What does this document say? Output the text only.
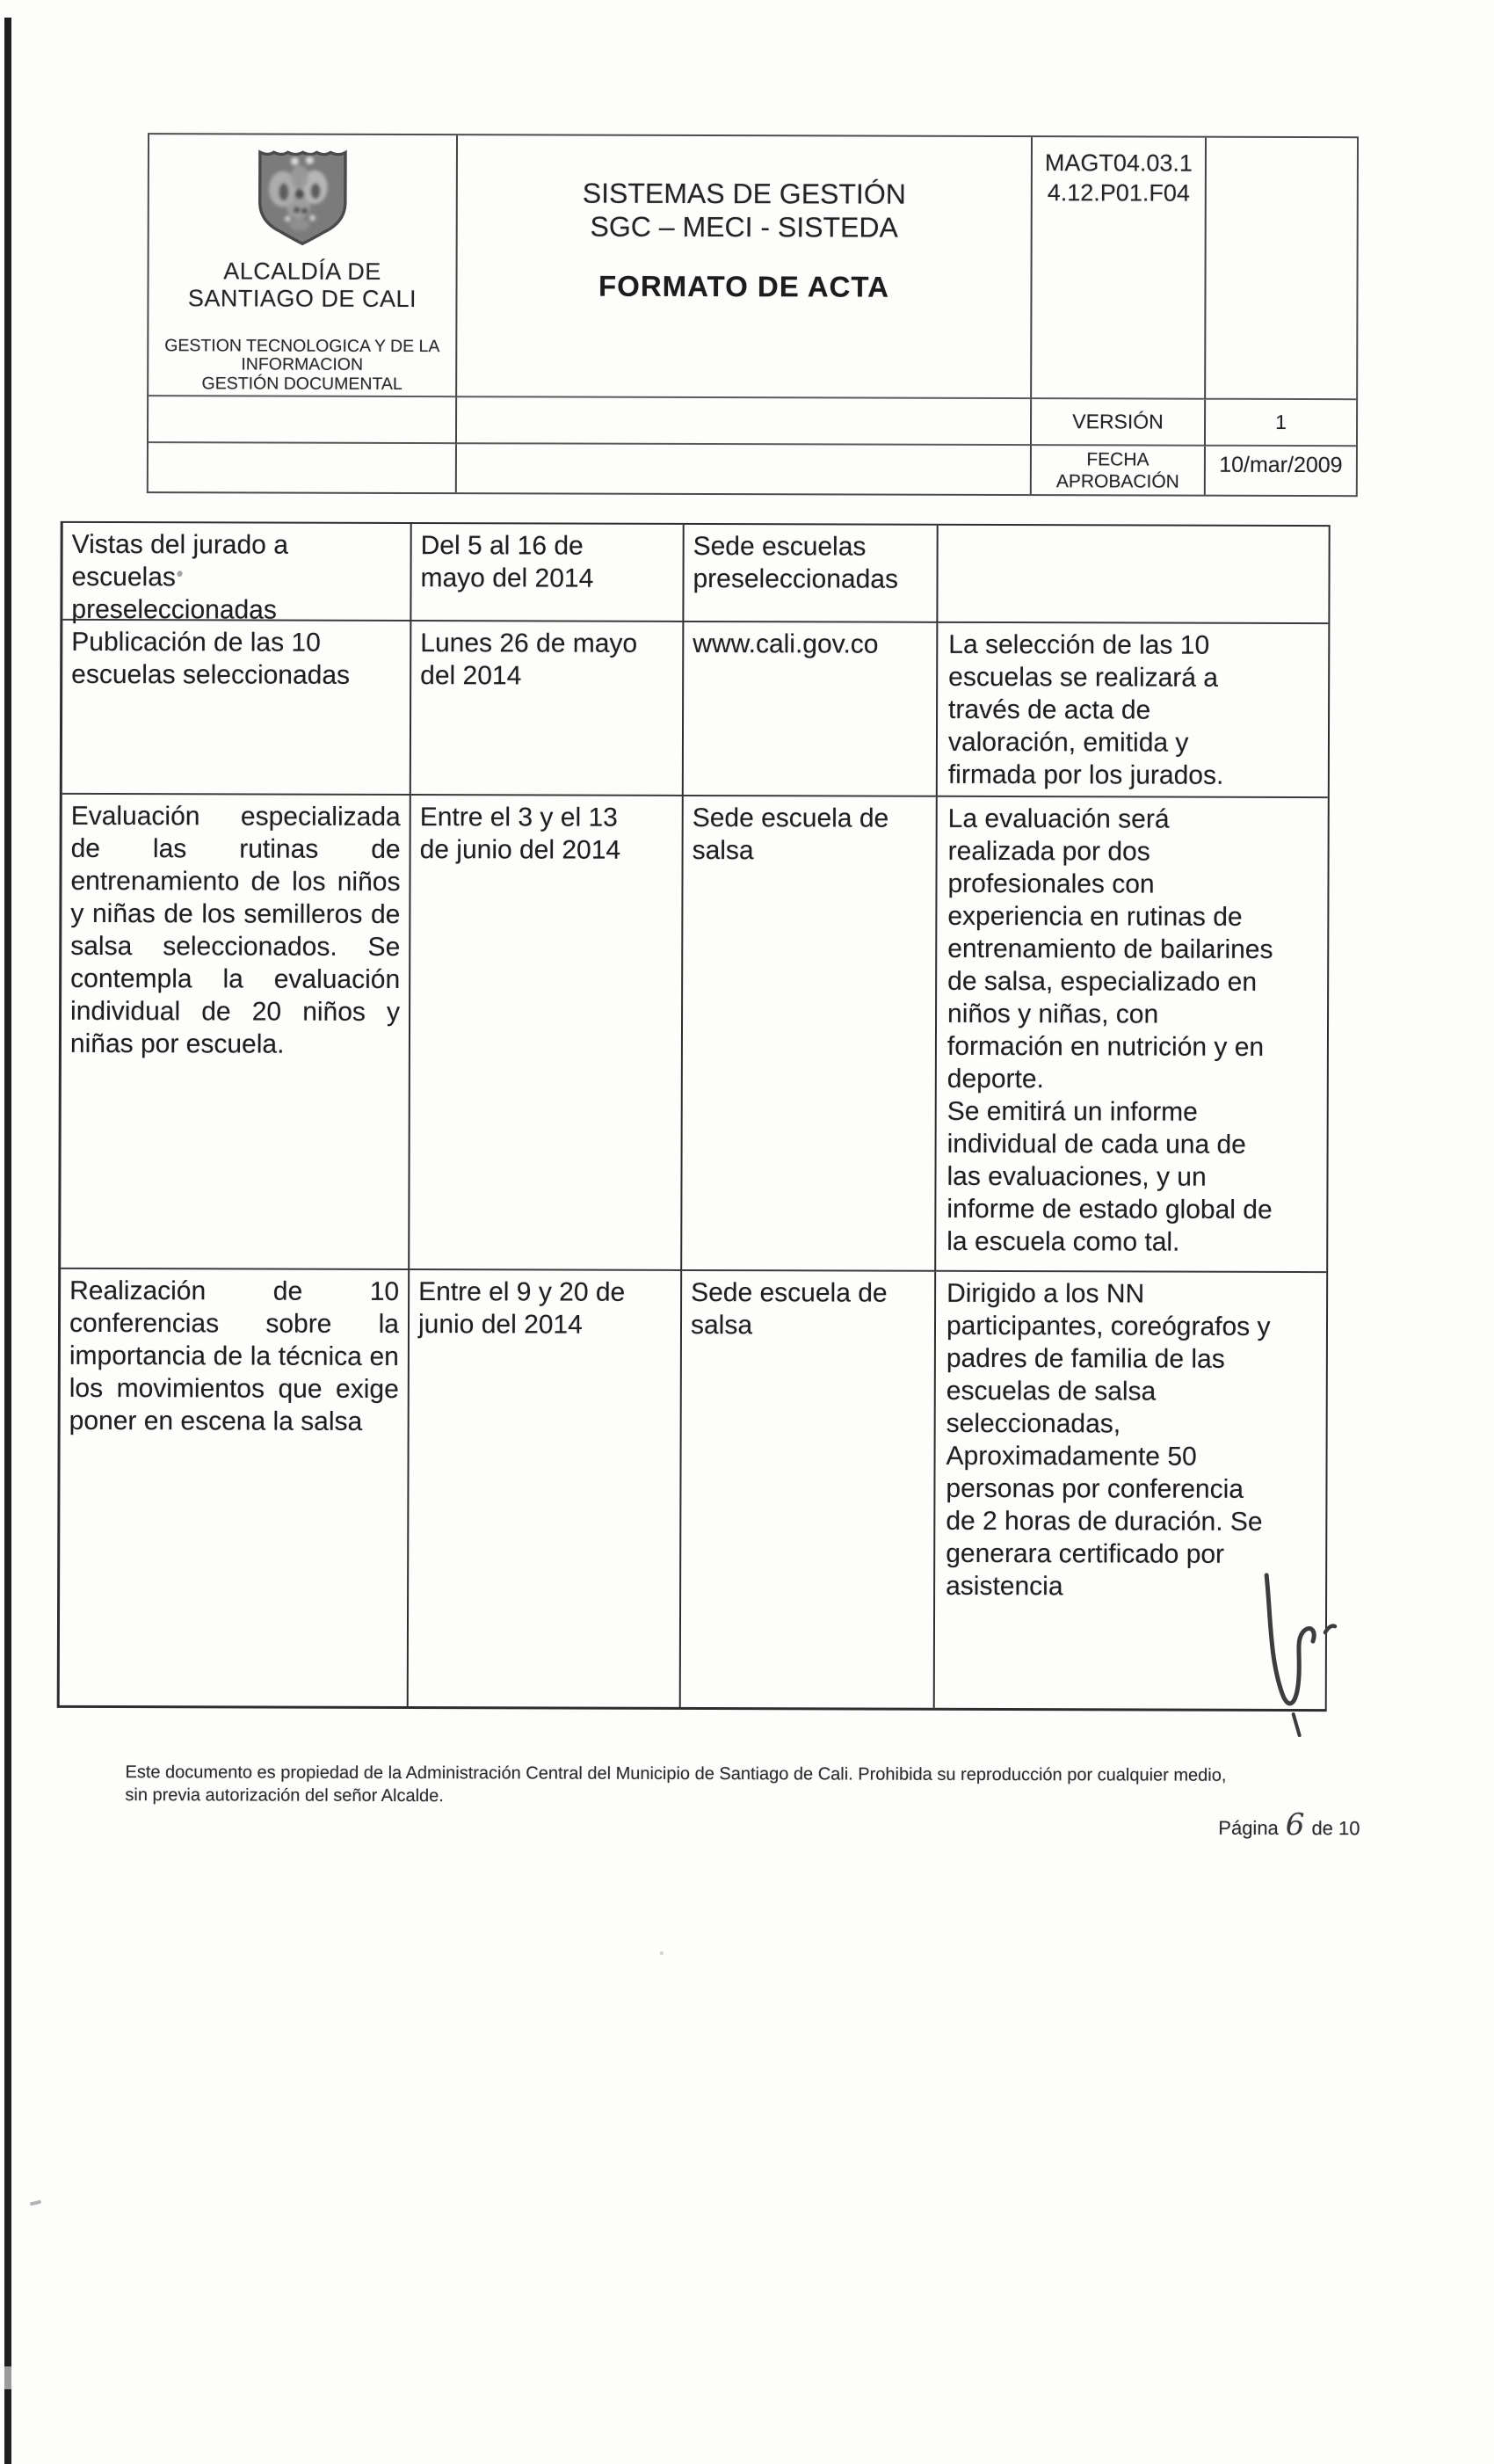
ALCALDÍA DE
SANTIAGO DE CALI
GESTION TECNOLOGICA Y DE LA
INFORMACION
GESTIÓN DOCUMENTAL
SISTEMAS DE GESTIÓN
SGC – MECI - SISTEDA
FORMATO DE ACTA
MAGT04.03.1
4.12.P01.F04
VERSIÓN	1
FECHA
APROBACIÓN
10/mar/2009
Vistas del jurado a
escuelas
preseleccionadas
Del 5 al 16 de
mayo del 2014
Sede escuelas
preseleccionadas
Publicación de las 10
escuelas seleccionadas
Lunes 26 de mayo
del 2014
www.cali.gov.co	La selección de las 10
escuelas se realizará a
través de acta de
valoración, emitida y
firmada por los jurados.
Evaluación especializada de las rutinas de entrenamiento de los niños y niñas de los semilleros de salsa seleccionados. Se contempla la evaluación individual de 20 niños y niñas por escuela.
Entre el 3 y el 13
de junio del 2014
Sede escuela de
salsa
La evaluación será
realizada por dos
profesionales con
experiencia en rutinas de
entrenamiento de bailarines
de salsa, especializado en
niños y niñas, con
formación en nutrición y en
deporte.
Se emitirá un informe
individual de cada una de
las evaluaciones, y un
informe de estado global de
la escuela como tal.
Realización de 10 conferencias sobre la importancia de la técnica en los movimientos que exige poner en escena la salsa
Entre el 9 y 20 de
junio del 2014
Sede escuela de
salsa
Dirigido a los NN
participantes, coreógrafos y
padres de familia de las
escuelas de salsa
seleccionadas,
Aproximadamente 50
personas por conferencia
de 2 horas de duración. Se
generara certificado por
asistencia
Este documento es propiedad de la Administración Central del Municipio de Santiago de Cali. Prohibida su reproducción por cualquier medio,
sin previa autorización del señor Alcalde.
Página 6 de 10
